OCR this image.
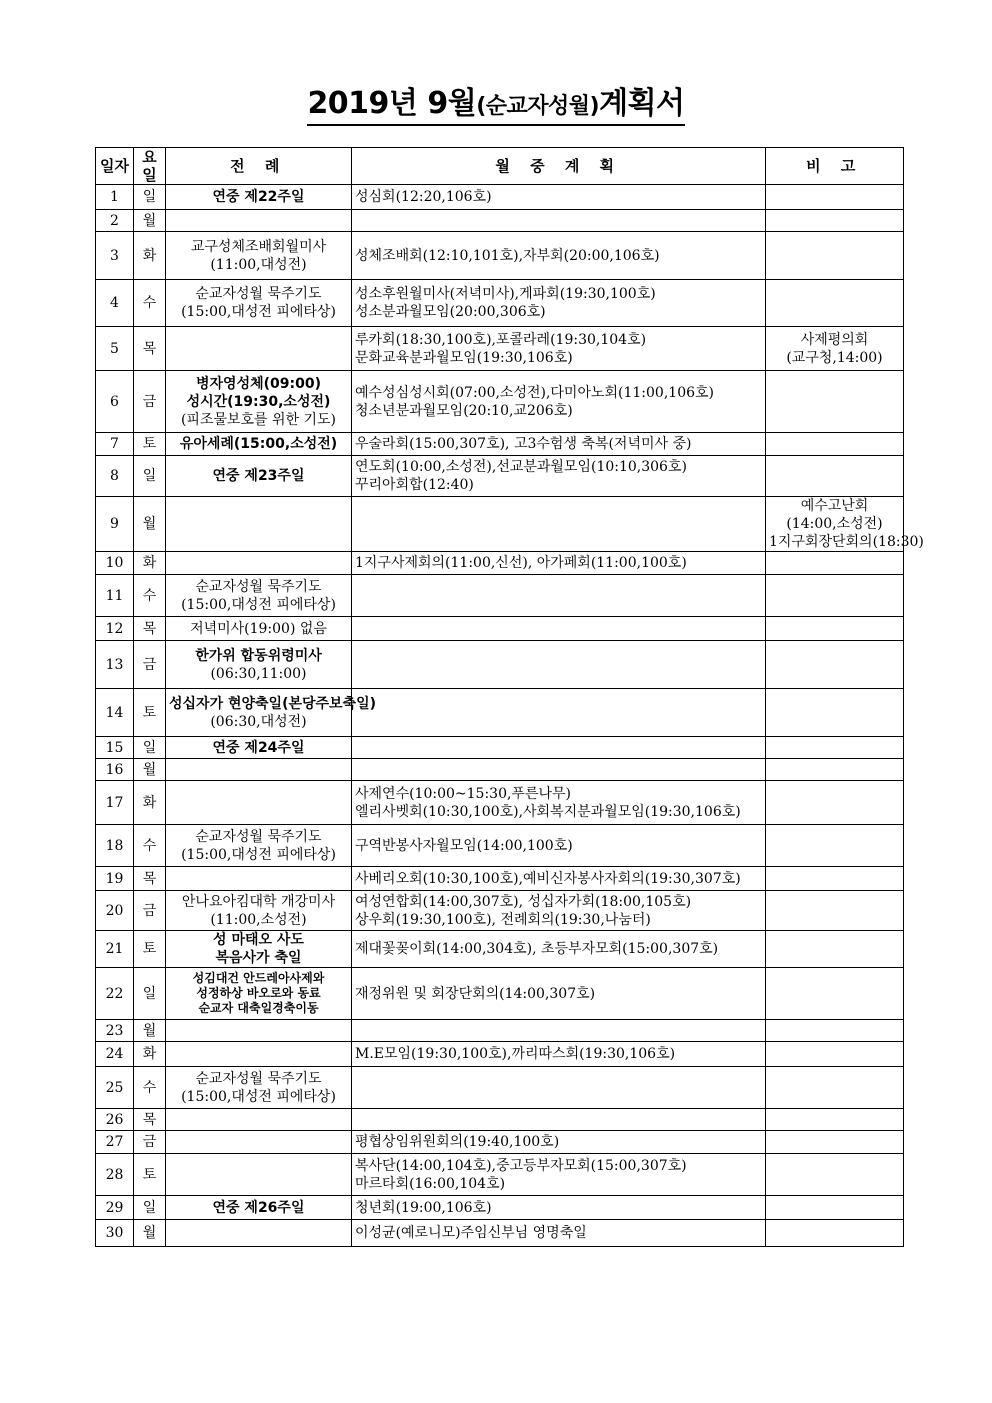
2019년 9월(순교자성월)계획서
일자	요일	전 례	월 중 계 획	비 고
1	일	연중 제22주일	성심회(12:20,106호)	

2	월			
3	화	교구성체조배회월미사
(11:00,대성전)	성체조배회(12:10,101호),자부회(20:00,106호)	

4	수	순교자성월 묵주기도
(15:00,대성전 피에타상)	성소후원월미사(저녁미사),게파회(19:30,100호)
성소분과월모임(20:00,306호)	

5	목		루카회(18:30,100호),포콜라레(19:30,104호)
문화교육분과월모임(19:30,106호)	사제평의회
(교구청,14:00)

6	금	병자영성체(09:00)
성시간(19:30,소성전)
(피조물보호를 위한 기도)	예수성심성시회(07:00,소성전),다미아노회(11:00,106호)
청소년분과월모임(20:10,교206호)	

7	토	유아세례(15:00,소성전)	우술라회(15:00,307호), 고3수험생 축복(저녁미사 중)	

8	일	연중 제23주일	연도회(10:00,소성전),선교분과월모임(10:10,306호)
꾸리아회합(12:40)	

9	월			예수고난회
(14:00,소성전)
1지구회장단회의(18:30)

10	화		1지구사제회의(11:00,신선), 아가페회(11:00,100호)	

11	수	순교자성월 묵주기도
(15:00,대성전 피에타상)		

12	목	저녁미사(19:00) 없음		

13	금	한가위 합동위령미사
(06:30,11:00)		

14	토	성십자가 현양축일(본당주보축일)
(06:30,대성전)		

15	일	연중 제24주일		

16	월			
17	화		사제연수(10:00~15:30,푸른나무)
엘리사벳회(10:30,100호),사회복지분과월모임(19:30,106호)	

18	수	순교자성월 묵주기도
(15:00,대성전 피에타상)	구역반봉사자월모임(14:00,100호)	

19	목		사베리오회(10:30,100호),예비신자봉사자회의(19:30,307호)	

20	금	안나요아킴대학 개강미사
(11:00,소성전)	여성연합회(14:00,307호), 성십자가회(18:00,105호)
상우회(19:30,100호), 전례회의(19:30,나눔터)	

21	토	성 마태오 사도
복음사가 축일	제대꽃꽂이회(14:00,304호), 초등부자모회(15:00,307호)	

22	일	성김대건 안드레아사제와
성정하상 바오로와 동료
순교자 대축일경축이동	재정위원 및 회장단회의(14:00,307호)	

23	월			
24	화		M.E모임(19:30,100호),까리따스회(19:30,106호)	

25	수	순교자성월 묵주기도
(15:00,대성전 피에타상)		

26	목			
27	금		평협상임위원회의(19:40,100호)	

28	토		복사단(14:00,104호),중고등부자모회(15:00,307호)
마르타회(16:00,104호)	

29	일	연중 제26주일	청년회(19:00,106호)	

30	월		이성균(예로니모)주임신부님 영명축일	
